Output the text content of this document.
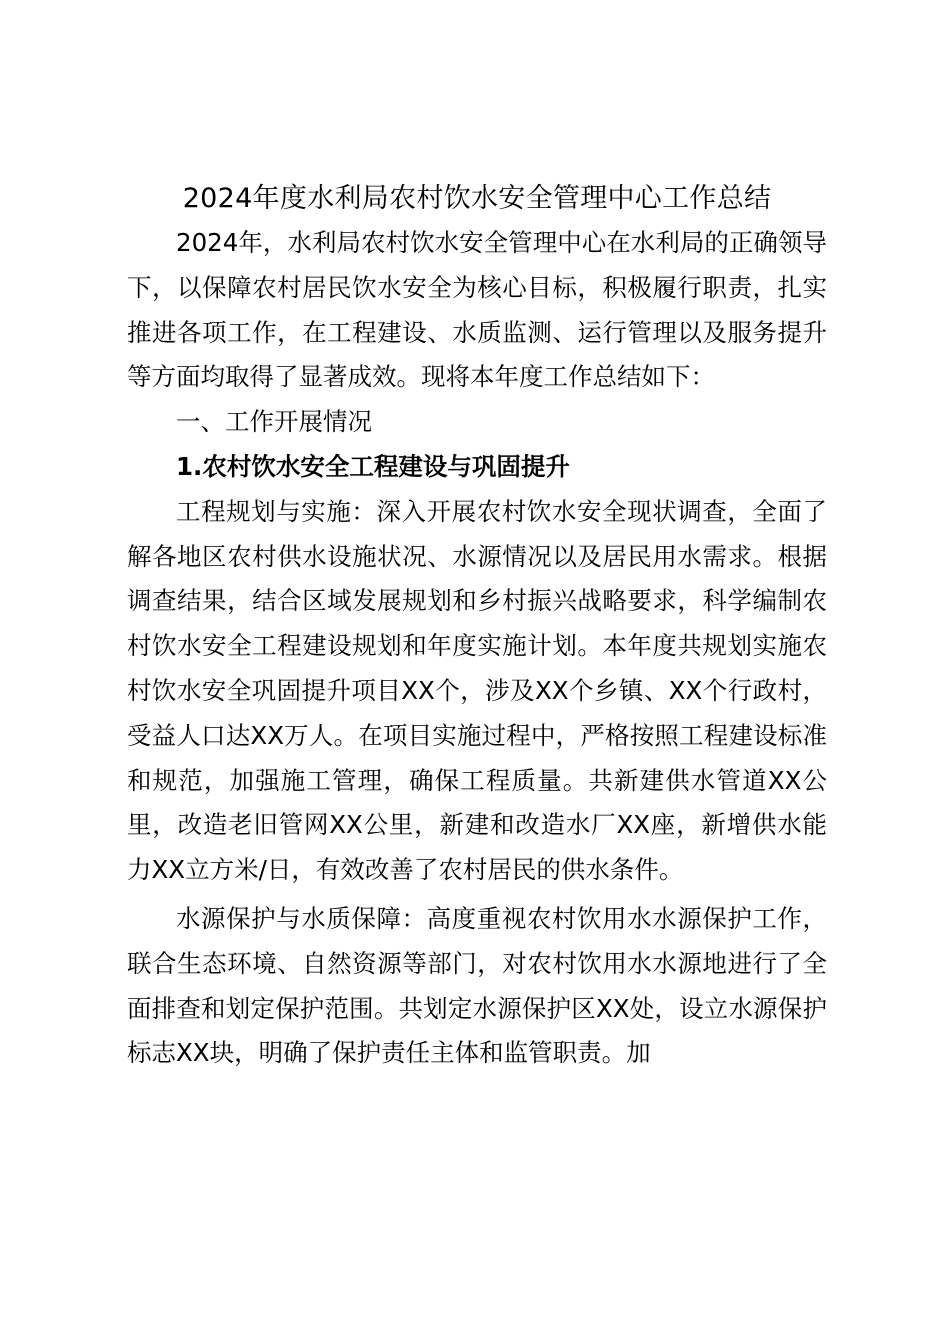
2024年度水利局农村饮水安全管理中心工作总结

2024年，水利局农村饮水安全管理中心在水利局的正确领导下，以保障农村居民饮水安全为核心目标，积极履行职责，扎实推进各项工作，在工程建设、水质监测、运行管理以及服务提升等方面均取得了显著成效。现将本年度工作总结如下：

一、工作开展情况

1.农村饮水安全工程建设与巩固提升

工程规划与实施：深入开展农村饮水安全现状调查，全面了解各地区农村供水设施状况、水源情况以及居民用水需求。根据调查结果，结合区域发展规划和乡村振兴战略要求，科学编制农村饮水安全工程建设规划和年度实施计划。本年度共规划实施农村饮水安全巩固提升项目XX个，涉及XX个乡镇、XX个行政村，受益人口达XX万人。在项目实施过程中，严格按照工程建设标准和规范，加强施工管理，确保工程质量。共新建供水管道XX公里，改造老旧管网XX公里，新建和改造水厂XX座，新增供水能力XX立方米/日，有效改善了农村居民的供水条件。

水源保护与水质保障：高度重视农村饮用水水源保护工作，联合生态环境、自然资源等部门，对农村饮用水水源地进行了全面排查和划定保护范围。共划定水源保护区XX处，设立水源保护标志XX块，明确了保护责任主体和监管职责。加
